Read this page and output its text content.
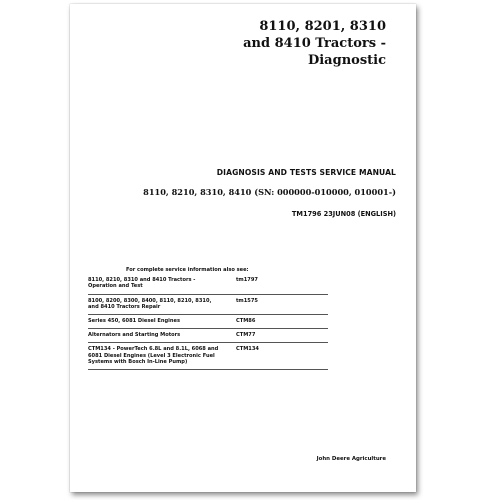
8110, 8201, 8310
and 8410 Tractors -
Diagnostic
DIAGNOSIS AND TESTS SERVICE MANUAL
8110, 8210, 8310, 8410 (SN: 000000-010000, 010001-)
TM1796 23JUN08 (ENGLISH)
For complete service information also see:
8110, 8210, 8310 and 8410 Tractors -
Operation and Test
tm1797
8100, 8200, 8300, 8400, 8110, 8210, 8310,
and 8410 Tractors Repair
tm1575
Series 450, 6081 Diesel Engines	CTM86
Alternators and Starting Motors	CTM77
CTM134 - PowerTech 6.8L and 8.1L, 6068 and
6081 Diesel Engines (Level 3 Electronic Fuel
Systems with Bosch In-Line Pump)
CTM134
John Deere Agriculture
